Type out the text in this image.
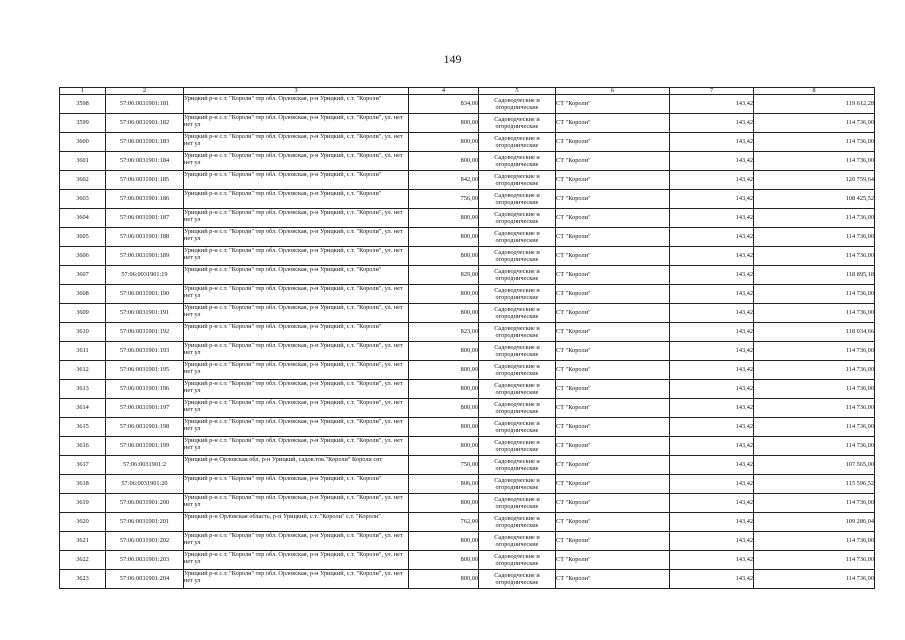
149
1	2	3	4	5	6	7	8
3598	57:06:0031901:181	Урицкий р-н с.т. "Короли" тер обл. Орловская, р-н Урицкий, с.т. "Короли"	834,00	Садоводческие и огороднические	СТ "Короли"	143,42	119 612,28
3599	57:06:0031901:182	Урицкий р-н с.т. "Короли" тер обл. Орловская, р-н Урицкий, с.т. "Короли", ул. нет нет ул	800,00	Садоводческие и огороднические	СТ "Короли"	143,42	114 736,00
3600	57:06:0031901:183	Урицкий р-н с.т. "Короли" тер обл. Орловская, р-н Урицкий, с.т. "Короли", ул. нет нет ул	800,00	Садоводческие и огороднические	СТ "Короли"	143,42	114 736,00
3601	57:06:0031901:184	Урицкий р-н с.т. "Короли" тер обл. Орловская, р-н Урицкий, с.т. "Короли", ул. нет нет ул	800,00	Садоводческие и огороднические	СТ "Короли"	143,42	114 736,00
3602	57:06:0031901:185	Урицкий р-н с.т. "Короли" тер обл. Орловская, р-н Урицкий, с.т. "Короли"	842,00	Садоводческие и огороднические	СТ "Короли"	143,42	120 759,64
3603	57:06:0031901:186	Урицкий р-н с.т. "Короли" тер обл. Орловская, р-н Урицкий, с.т. "Короли"	756,00	Садоводческие и огороднические	СТ "Короли"	143,42	108 425,52
3604	57:06:0031901:187	Урицкий р-н с.т. "Короли" тер обл. Орловская, р-н Урицкий, с.т. "Короли", ул. нет нет ул	800,00	Садоводческие и огороднические	СТ "Короли"	143,42	114 736,00
3605	57:06:0031901:188	Урицкий р-н с.т. "Короли" тер обл. Орловская, р-н Урицкий, с.т. "Короли", ул. нет нет ул	800,00	Садоводческие и огороднические	СТ "Короли"	143,42	114 736,00
3606	57:06:0031901:189	Урицкий р-н с.т. "Короли" тер обл. Орловская, р-н Урицкий, с.т. "Короли", ул. нет нет ул	800,00	Садоводческие и огороднические	СТ "Короли"	143,42	114 736,00
3607	57:06:0031901:19	Урицкий р-н с.т. "Короли" тер обл. Орловская, р-н Урицкий, с.т. "Короли"	829,00	Садоводческие и огороднические	СТ "Короли"	143,42	118 895,18
3608	57:06:0031901:190	Урицкий р-н с.т. "Короли" тер обл. Орловская, р-н Урицкий, с.т. "Короли", ул. нет нет ул	800,00	Садоводческие и огороднические	СТ "Короли"	143,42	114 736,00
3609	57:06:0031901:191	Урицкий р-н с.т. "Короли" тер обл. Орловская, р-н Урицкий, с.т. "Короли", ул. нет нет ул	800,00	Садоводческие и огороднические	СТ "Короли"	143,42	114 736,00
3610	57:06:0031901:192	Урицкий р-н с.т. "Короли" тер обл. Орловская, р-н Урицкий, с.т. "Короли"	823,00	Садоводческие и огороднические	СТ "Короли"	143,42	118 034,66
3611	57:06:0031901:193	Урицкий р-н с.т. "Короли" тер обл. Орловская, р-н Урицкий, с.т. "Короли", ул. нет нет ул	800,00	Садоводческие и огороднические	СТ "Короли"	143,42	114 736,00
3612	57:06:0031901:195	Урицкий р-н с.т. "Короли" тер обл. Орловская, р-н Урицкий, с.т. "Короли", ул. нет нет ул	800,00	Садоводческие и огороднические	СТ "Короли"	143,42	114 736,00
3613	57:06:0031901:196	Урицкий р-н с.т. "Короли" тер обл. Орловская, р-н Урицкий, с.т. "Короли", ул. нет нет ул	800,00	Садоводческие и огороднические	СТ "Короли"	143,42	114 736,00
3614	57:06:0031901:197	Урицкий р-н с.т. "Короли" тер обл. Орловская, р-н Урицкий, с.т. "Короли", ул. нет нет ул	800,00	Садоводческие и огороднические	СТ "Короли"	143,42	114 736,00
3615	57:06:0031901:198	Урицкий р-н с.т. "Короли" тер обл. Орловская, р-н Урицкий, с.т. "Короли", ул. нет нет ул	800,00	Садоводческие и огороднические	СТ "Короли"	143,42	114 736,00
3616	57:06:0031901:199	Урицкий р-н с.т. "Короли" тер обл. Орловская, р-н Урицкий, с.т. "Короли", ул. нет нет ул	800,00	Садоводческие и огороднические	СТ "Короли"	143,42	114 736,00
3617	57:06:0031901:2	Урицкий р-н Орловская обл, р-н Урицкий, садов.тов."Короли" Короли снт	750,00	Садоводческие и огороднические	СТ "Короли"	143,42	107 565,00
3618	57:06:0031901:20	Урицкий р-н с.т. "Короли" тер обл. Орловская, р-н Урицкий, с.т. "Короли"	806,00	Садоводческие и огороднические	СТ "Короли"	143,42	115 596,52
3619	57:06:0031901:200	Урицкий р-н с.т. "Короли" тер обл. Орловская, р-н Урицкий, с.т. "Короли", ул. нет нет ул	800,00	Садоводческие и огороднические	СТ "Короли"	143,42	114 736,00
3620	57:06:0031901:201	Урицкий р-н Орловская область, р-н Урицкий, с.т. "Короли" с.т. "Короли"	762,00	Садоводческие и огороднические	СТ "Короли"	143,42	109 286,04
3621	57:06:0031901:202	Урицкий р-н с.т. "Короли" тер обл. Орловская, р-н Урицкий, с.т. "Короли", ул. нет нет ул	800,00	Садоводческие и огороднические	СТ "Короли"	143,42	114 736,00
3622	57:06:0031901:203	Урицкий р-н с.т. "Короли" тер обл. Орловская, р-н Урицкий, с.т. "Короли", ул. нет нет ул	800,00	Садоводческие и огороднические	СТ "Короли"	143,42	114 736,00
3623	57:06:0031901:204	Урицкий р-н с.т. "Короли" тер обл. Орловская, р-н Урицкий, с.т. "Короли", ул. нет нет ул	800,00	Садоводческие и огороднические	СТ "Короли"	143,42	114 736,00
